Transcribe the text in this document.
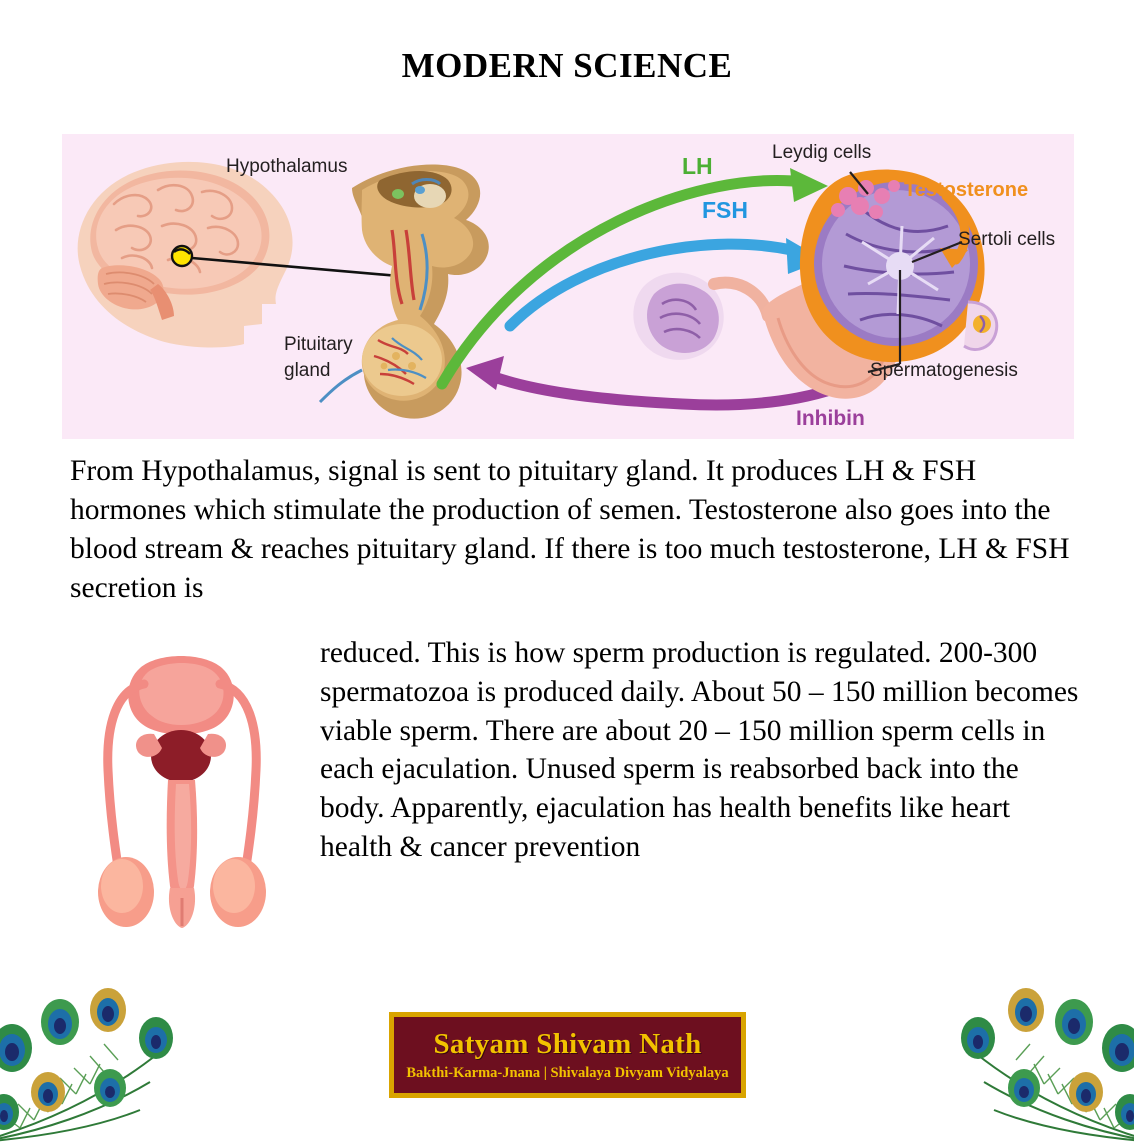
MODERN SCIENCE
Hypothalamus
Pituitary
gland
LH
FSH
Leydig cells
Testosterone
Sertoli cells
Spermatogenesis
Inhibin
From Hypothalamus, signal is sent to pituitary gland. It produces LH & FSH hormones which stimulate the production of semen. Testosterone also goes into the blood stream & reaches pituitary gland. If there is too much testosterone, LH & FSH secretion is
reduced. This is how sperm production is regulated. 200-300 spermatozoa is produced daily. About 50 – 150 million becomes viable sperm. There are about 20 – 150 million sperm cells in each ejaculation. Unused sperm is reabsorbed back into the body. Apparently, ejaculation has health benefits like heart health & cancer prevention
Satyam Shivam Nath
Bakthi-Karma-Jnana | Shivalaya Divyam Vidyalaya
